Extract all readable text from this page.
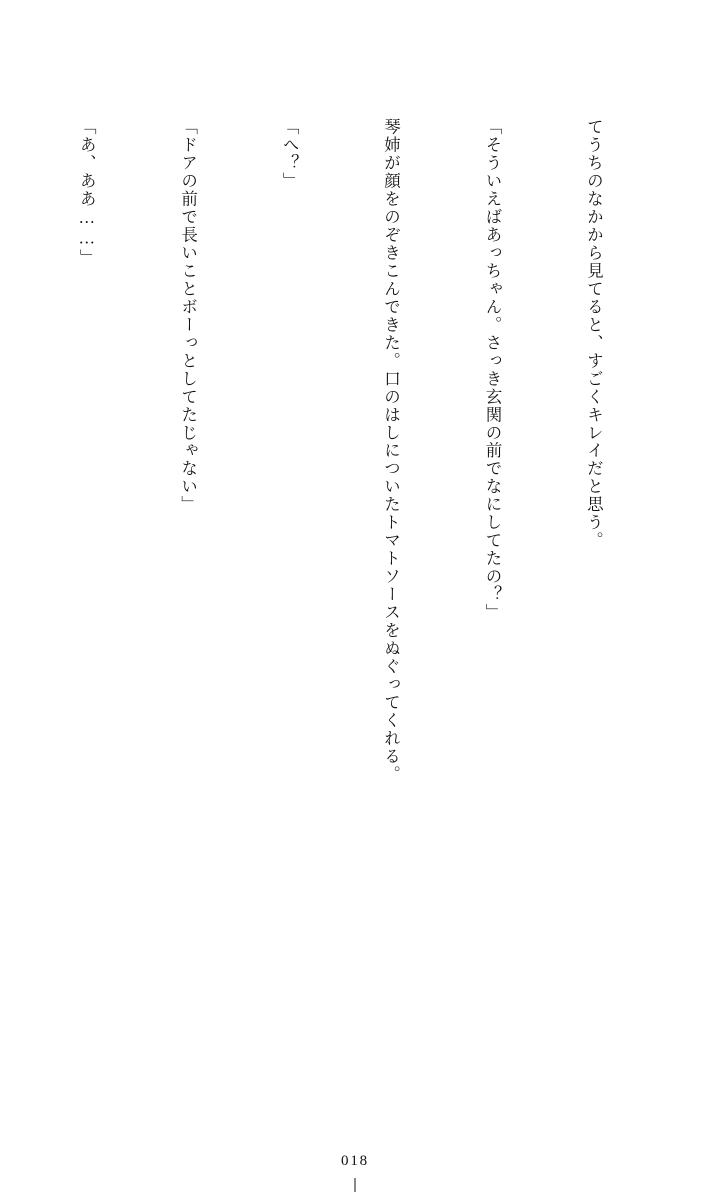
てうちのなかから見てると、すごくキレイだと思う。

「そういえばあっちゃん。さっき玄関の前でなにしてたの？」

琴姉が顔をのぞきこんできた。口のはしについたトマトソースをぬぐってくれる。

「へ？」

「ドアの前で長いことボーっとしてたじゃない」

「あ、ああ……」

018
